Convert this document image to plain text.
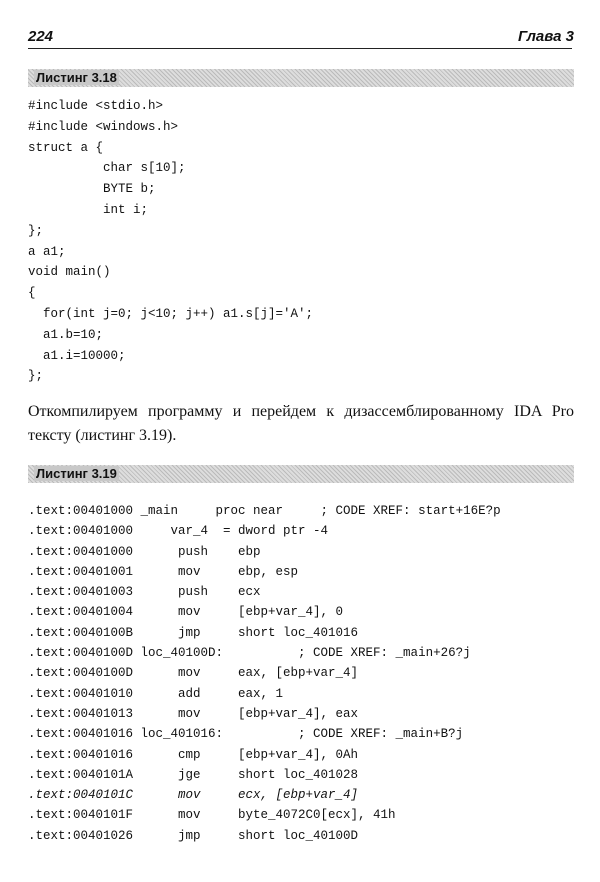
224	Глава 3
Листинг 3.18
#include <stdio.h>
#include <windows.h>
struct a {
char s[10];
BYTE b;
int i;
};
a a1;
void main()
{
for(int j=0; j<10; j++) a1.s[j]='A';
a1.b=10;
a1.i=10000;
};
Откомпилируем программу и перейдем к дизассемблированному IDA Pro тексту (листинг 3.19).
Листинг 3.19
.text:00401000 _main     proc near     ; CODE XREF: start+16E?p
.text:00401000     var_4  = dword ptr -4
.text:00401000      push    ebp
.text:00401001      mov     ebp, esp
.text:00401003      push    ecx
.text:00401004      mov     [ebp+var_4], 0
.text:0040100B      jmp     short loc_401016
.text:0040100D loc_40100D:          ; CODE XREF: _main+26?j
.text:0040100D      mov     eax, [ebp+var_4]
.text:00401010      add     eax, 1
.text:00401013      mov     [ebp+var_4], eax
.text:00401016 loc_401016:          ; CODE XREF: _main+B?j
.text:00401016      cmp     [ebp+var_4], 0Ah
.text:0040101A      jge     short loc_401028
.text:0040101C      mov     ecx, [ebp+var_4]
.text:0040101F      mov     byte_4072C0[ecx], 41h
.text:00401026      jmp     short loc_40100D
